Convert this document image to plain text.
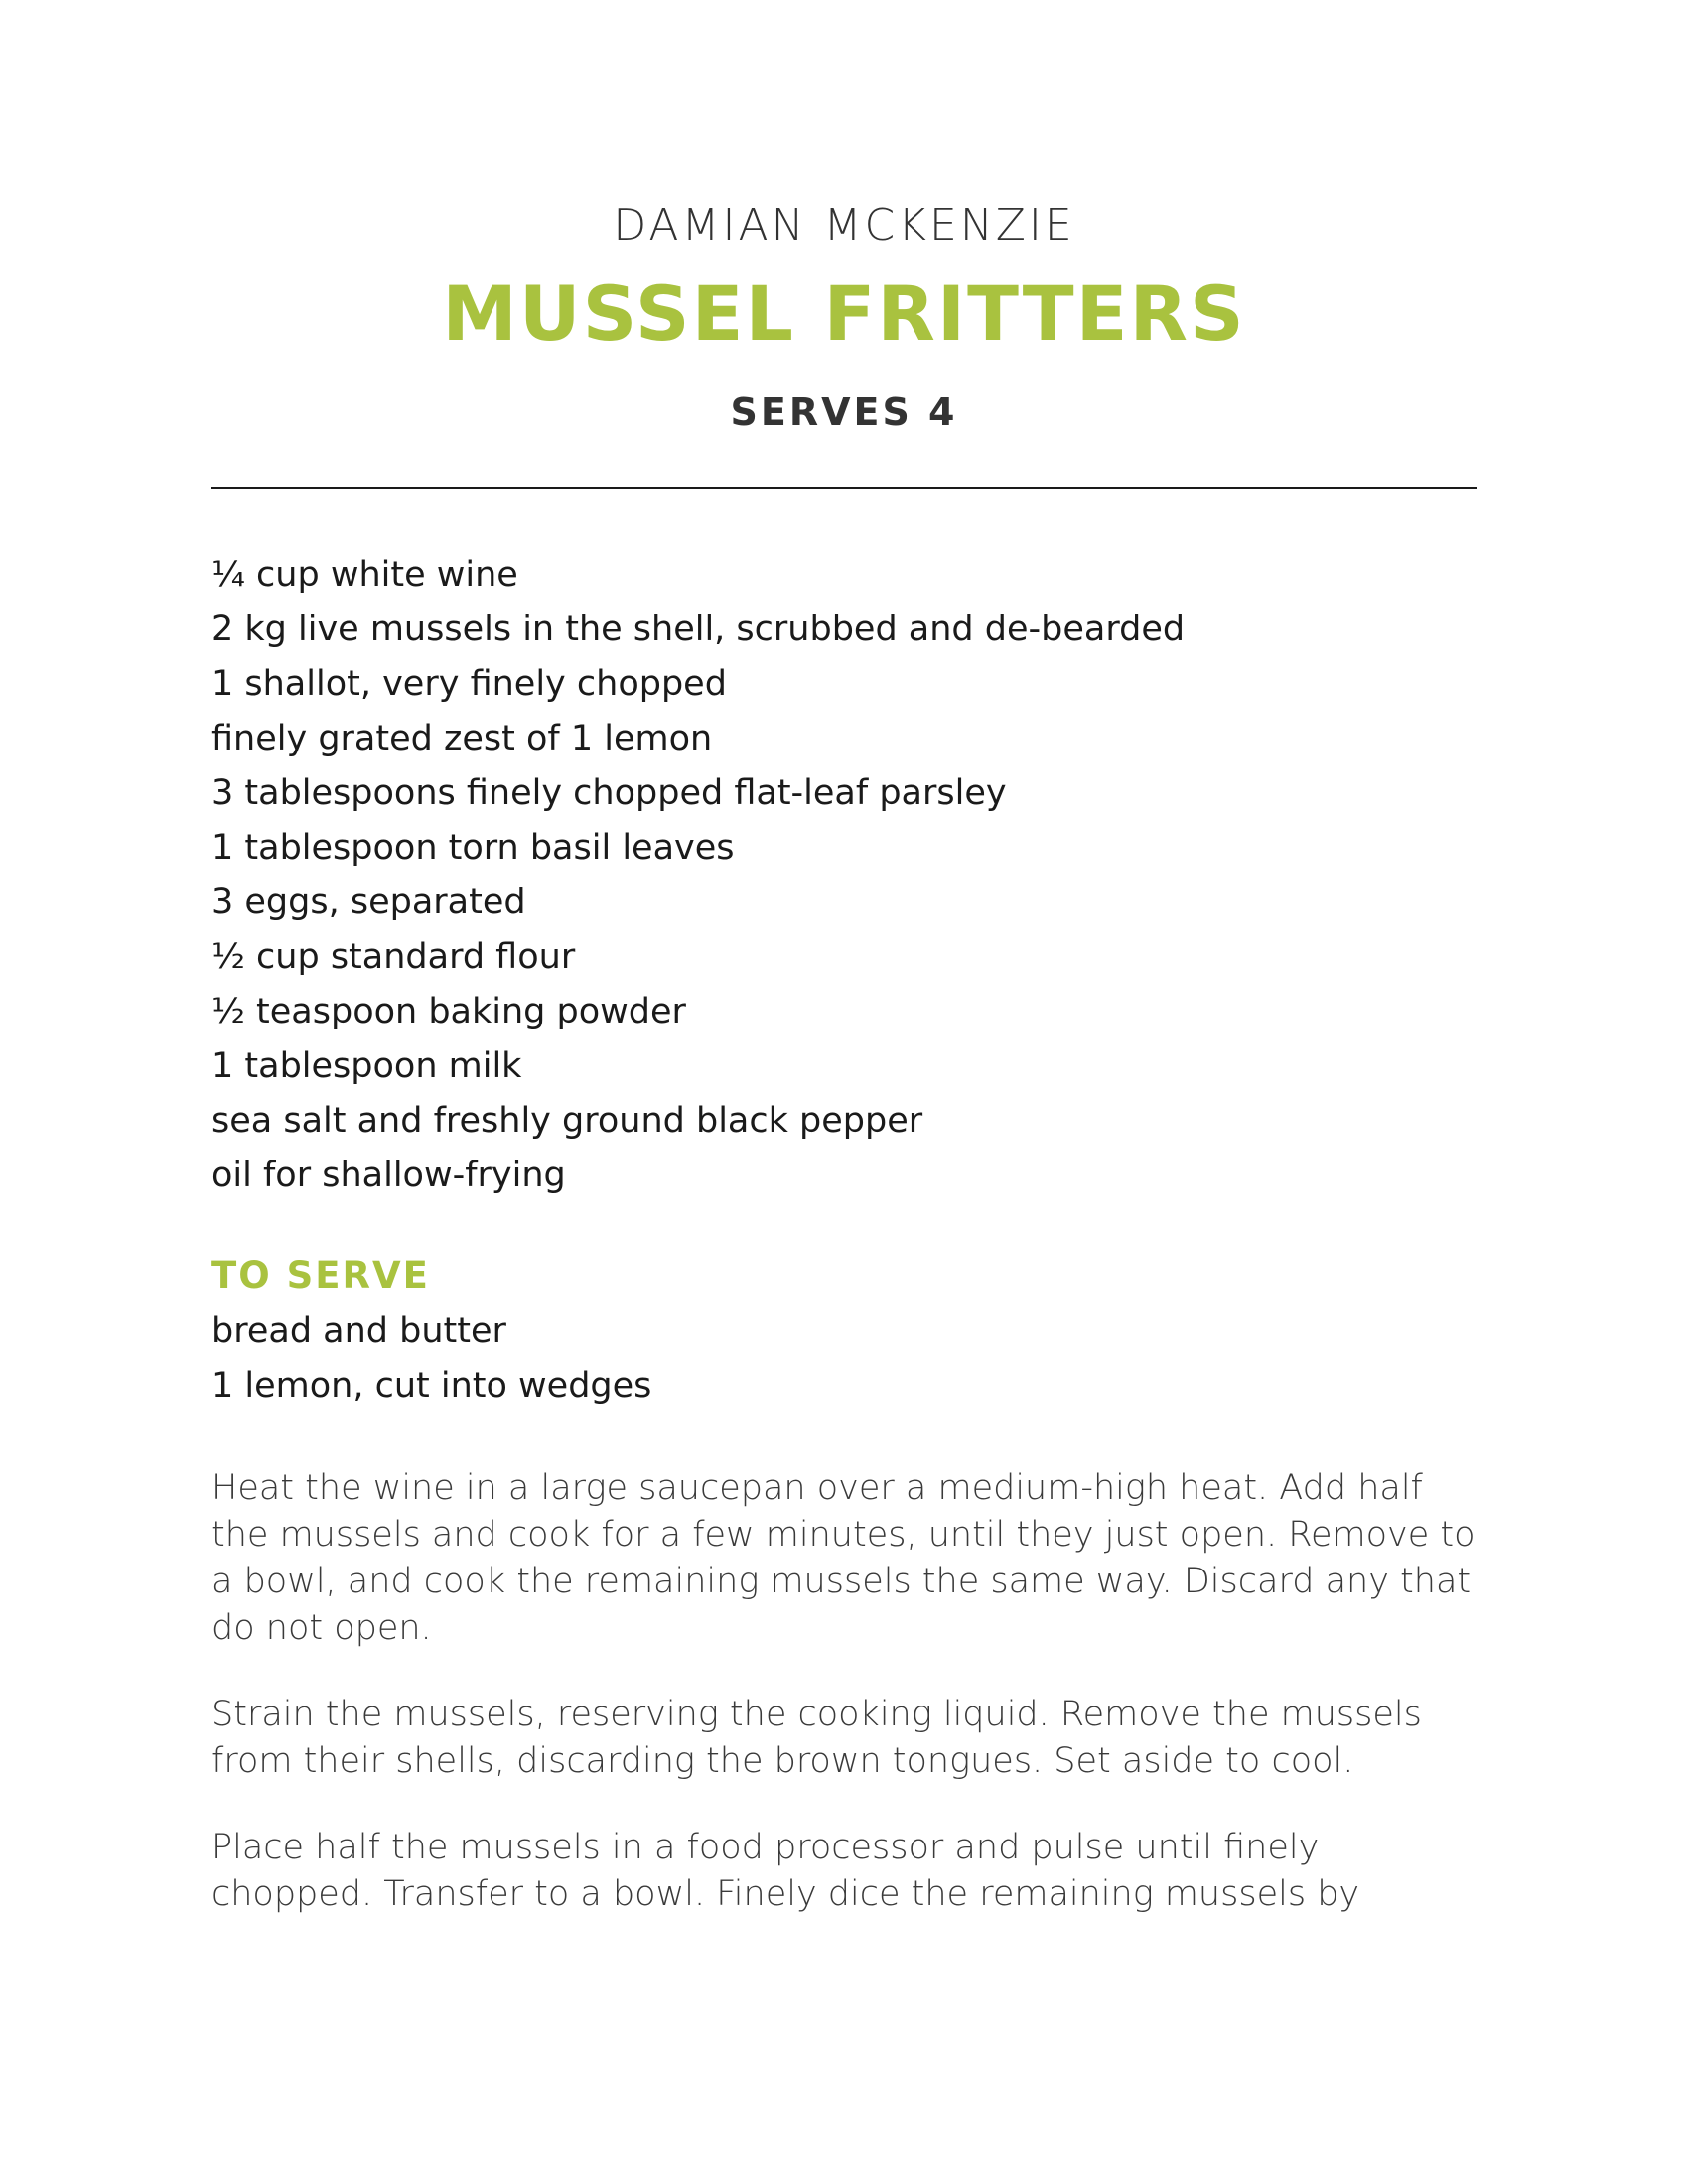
DAMIAN MCKENZIE
MUSSEL FRITTERS
SERVES 4
¼ cup white wine
2 kg live mussels in the shell, scrubbed and de-bearded
1 shallot, very finely chopped
finely grated zest of 1 lemon
3 tablespoons finely chopped flat-leaf parsley
1 tablespoon torn basil leaves
3 eggs, separated
½ cup standard flour
½ teaspoon baking powder
1 tablespoon milk
sea salt and freshly ground black pepper
oil for shallow-frying
TO SERVE
bread and butter
1 lemon, cut into wedges

Heat the wine in a large saucepan over a medium-high heat. Add half the mussels and cook for a few minutes, until they just open. Remove to a bowl, and cook the remaining mussels the same way. Discard any that do not open.

Strain the mussels, reserving the cooking liquid. Remove the mussels from their shells, discarding the brown tongues. Set aside to cool.

Place half the mussels in a food processor and pulse until finely chopped. Transfer to a bowl. Finely dice the remaining mussels by
